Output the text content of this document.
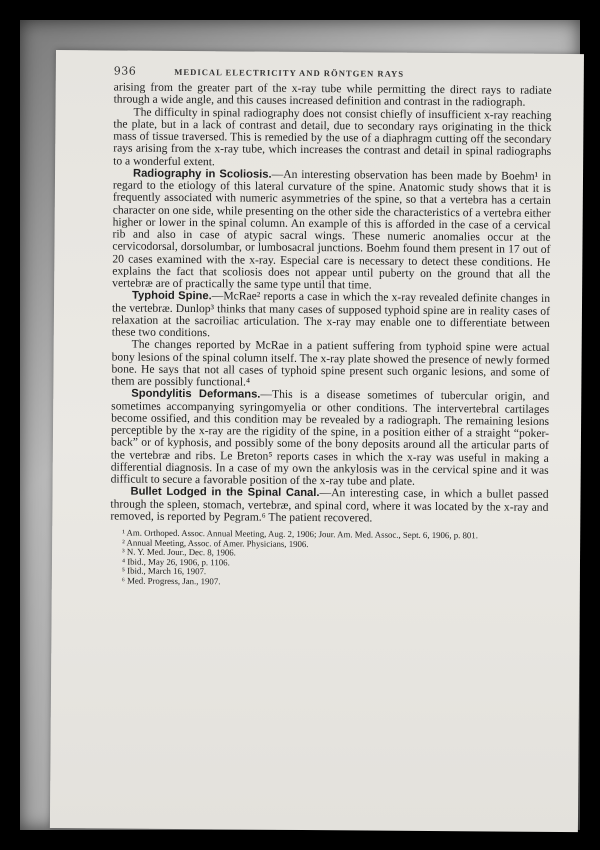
936	MEDICAL ELECTRICITY AND RÖNTGEN RAYS

arising from the greater part of the x-ray tube while permitting the direct rays to radiate through a wide angle, and this causes increased definition and contrast in the radiograph.

The difficulty in spinal radiography does not consist chiefly of insufficient x-ray reaching the plate, but in a lack of contrast and detail, due to secondary rays originating in the thick mass of tissue traversed. This is remedied by the use of a diaphragm cutting off the secondary rays arising from the x-ray tube, which increases the contrast and detail in spinal radiographs to a wonderful extent.

Radiography in Scoliosis.—An interesting observation has been made by Boehm¹ in regard to the etiology of this lateral curvature of the spine. Anatomic study shows that it is frequently associated with numeric asymmetries of the spine, so that a vertebra has a certain character on one side, while presenting on the other side the characteristics of a vertebra either higher or lower in the spinal column. An example of this is afforded in the case of a cervical rib and also in case of atypic sacral wings. These numeric anomalies occur at the cervicodorsal, dorsolumbar, or lumbosacral junctions. Boehm found them present in 17 out of 20 cases examined with the x-ray. Especial care is necessary to detect these conditions. He explains the fact that scoliosis does not appear until puberty on the ground that all the vertebræ are of practically the same type until that time.

Typhoid Spine.—McRae² reports a case in which the x-ray revealed definite changes in the vertebræ. Dunlop³ thinks that many cases of supposed typhoid spine are in reality cases of relaxation at the sacroiliac articulation. The x-ray may enable one to differentiate between these two conditions.

The changes reported by McRae in a patient suffering from typhoid spine were actual bony lesions of the spinal column itself. The x-ray plate showed the presence of newly formed bone. He says that not all cases of typhoid spine present such organic lesions, and some of them are possibly functional.⁴

Spondylitis Deformans.—This is a disease sometimes of tubercular origin, and sometimes accompanying syringomyelia or other conditions. The intervertebral cartilages become ossified, and this condition may be revealed by a radiograph. The remaining lesions perceptible by the x-ray are the rigidity of the spine, in a position either of a straight “poker-back” or of kyphosis, and possibly some of the bony deposits around all the articular parts of the vertebræ and ribs. Le Breton⁵ reports cases in which the x-ray was useful in making a differential diagnosis. In a case of my own the ankylosis was in the cervical spine and it was difficult to secure a favorable position of the x-ray tube and plate.

Bullet Lodged in the Spinal Canal.—An interesting case, in which a bullet passed through the spleen, stomach, vertebræ, and spinal cord, where it was located by the x-ray and removed, is reported by Pegram.⁶ The patient recovered.

¹ Am. Orthoped. Assoc. Annual Meeting, Aug. 2, 1906; Jour. Am. Med. Assoc., Sept. 6, 1906, p. 801.
² Annual Meeting, Assoc. of Amer. Physicians, 1906.
³ N. Y. Med. Jour., Dec. 8, 1906.
⁴ Ibid., May 26, 1906, p. 1106.
⁵ Ibid., March 16, 1907.
⁶ Med. Progress, Jan., 1907.
